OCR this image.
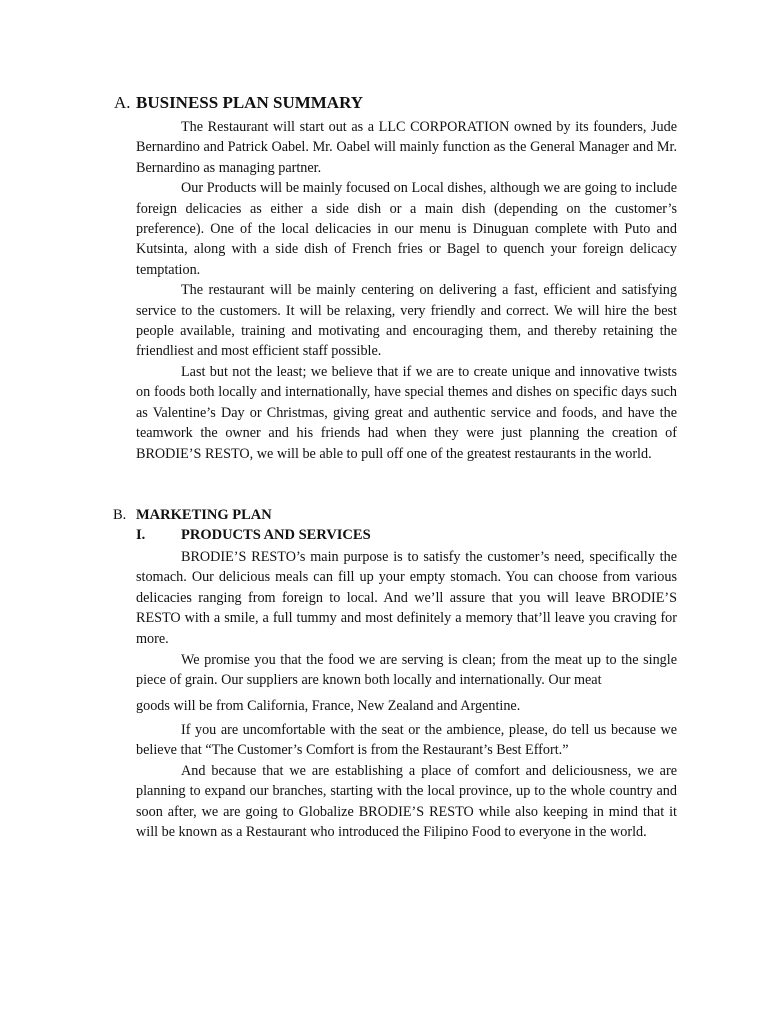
A. BUSINESS PLAN SUMMARY

The Restaurant will start out as a LLC CORPORATION owned by its founders, Jude Bernardino and Patrick Oabel. Mr. Oabel will mainly function as the General Manager and Mr. Bernardino as managing partner.

Our Products will be mainly focused on Local dishes, although we are going to include foreign delicacies as either a side dish or a main dish (depending on the customer’s preference). One of the local delicacies in our menu is Dinuguan complete with Puto and Kutsinta, along with a side dish of French fries or Bagel to quench your foreign delicacy temptation.

The restaurant will be mainly centering on delivering a fast, efficient and satisfying service to the customers. It will be relaxing, very friendly and correct. We will hire the best people available, training and motivating and encouraging them, and thereby retaining the friendliest and most efficient staff possible.

Last but not the least; we believe that if we are to create unique and innovative twists on foods both locally and internationally, have special themes and dishes on specific days such as Valentine’s Day or Christmas, giving great and authentic service and foods, and have the teamwork the owner and his friends had when they were just planning the creation of BRODIE’S RESTO, we will be able to pull off one of the greatest restaurants in the world.

B. MARKETING PLAN
I. PRODUCTS AND SERVICES

BRODIE’S RESTO’s main purpose is to satisfy the customer’s need, specifically the stomach. Our delicious meals can fill up your empty stomach. You can choose from various delicacies ranging from foreign to local. And we’ll assure that you will leave BRODIE’S RESTO with a smile, a full tummy and most definitely a memory that’ll leave you craving for more.

We promise you that the food we are serving is clean; from the meat up to the single piece of grain. Our suppliers are known both locally and internationally. Our meat

goods will be from California, France, New Zealand and Argentine.

If you are uncomfortable with the seat or the ambience, please, do tell us because we believe that “The Customer’s Comfort is from the Restaurant’s Best Effort.”

And because that we are establishing a place of comfort and deliciousness, we are planning to expand our branches, starting with the local province, up to the whole country and soon after, we are going to Globalize BRODIE’S RESTO while also keeping in mind that it will be known as a Restaurant who introduced the Filipino Food to everyone in the world.
